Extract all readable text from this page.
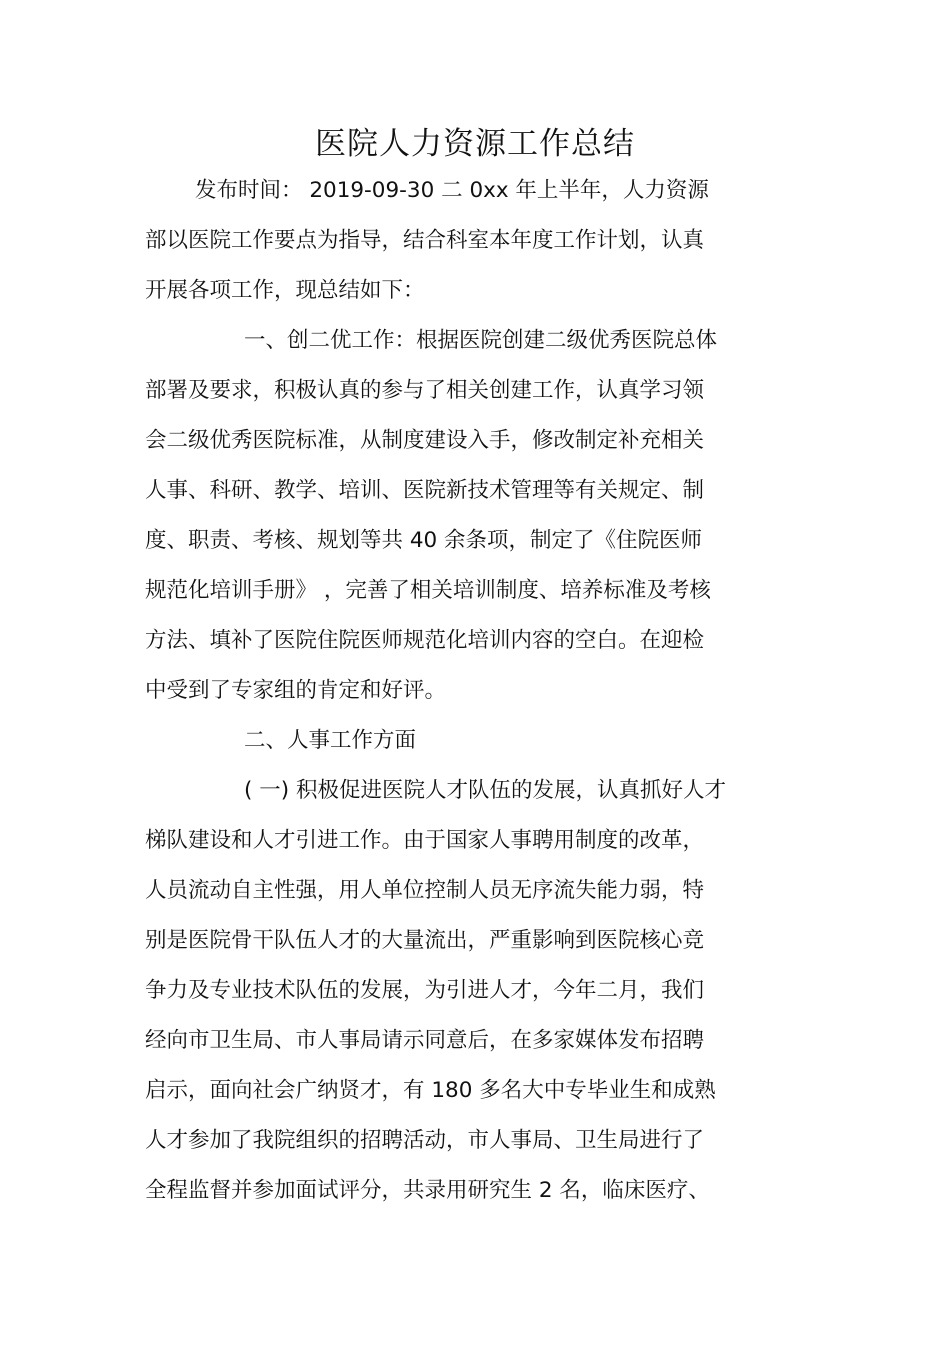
医院人力资源工作总结
发布时间： 2019-09-30 二 0xx 年上半年，人力资源
部以医院工作要点为指导，结合科室本年度工作计划，认真
开展各项工作，现总结如下：
一、创二优工作：根据医院创建二级优秀医院总体
部署及要求，积极认真的参与了相关创建工作，认真学习领
会二级优秀医院标准，从制度建设入手，修改制定补充相关
人事、科研、教学、培训、医院新技术管理等有关规定、制
度、职责、考核、规划等共 40 余条项，制定了《住院医师
规范化培训手册》 ，完善了相关培训制度、培养标准及考核
方法、填补了医院住院医师规范化培训内容的空白。在迎检
中受到了专家组的肯定和好评。
二、人事工作方面
( 一) 积极促进医院人才队伍的发展，认真抓好人才
梯队建设和人才引进工作。由于国家人事聘用制度的改革，
人员流动自主性强，用人单位控制人员无序流失能力弱，特
别是医院骨干队伍人才的大量流出，严重影响到医院核心竞
争力及专业技术队伍的发展，为引进人才，今年二月，我们
经向市卫生局、市人事局请示同意后，在多家媒体发布招聘
启示，面向社会广纳贤才，有 180 多名大中专毕业生和成熟
人才参加了我院组织的招聘活动，市人事局、卫生局进行了
全程监督并参加面试评分，共录用研究生 2 名，临床医疗、
